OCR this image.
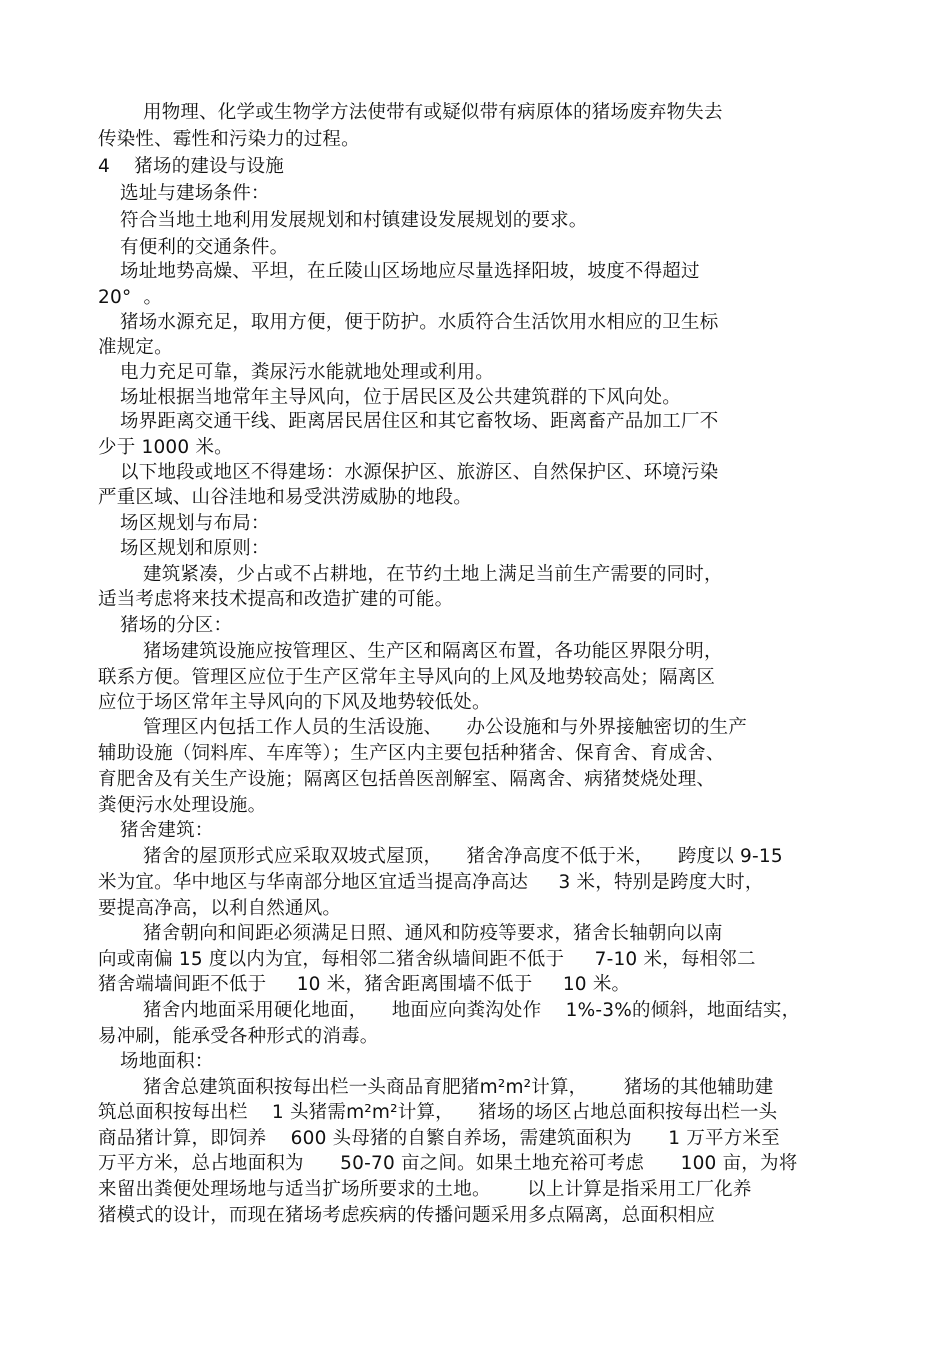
用物理、化学或生物学方法使带有或疑似带有病原体的猪场废弃物失去
传染性、霉性和污染力的过程。
4    猪场的建设与设施
选址与建场条件：
符合当地土地利用发展规划和村镇建设发展规划的要求。
有便利的交通条件。
场址地势高燥、平坦，在丘陵山区场地应尽量选择阳坡，坡度不得超过
20°  。
猪场水源充足，取用方便，便于防护。水质符合生活饮用水相应的卫生标
准规定。
电力充足可靠，粪尿污水能就地处理或利用。
场址根据当地常年主导风向，位于居民区及公共建筑群的下风向处。
场界距离交通干线、距离居民居住区和其它畜牧场、距离畜产品加工厂不
少于 1000 米。
以下地段或地区不得建场：水源保护区、旅游区、自然保护区、环境污染
严重区域、山谷洼地和易受洪涝威胁的地段。
场区规划与布局：
场区规划和原则：
建筑紧凑，少占或不占耕地，在节约土地上满足当前生产需要的同时，
适当考虑将来技术提高和改造扩建的可能。
猪场的分区：
猪场建筑设施应按管理区、生产区和隔离区布置，各功能区界限分明，
联系方便。管理区应位于生产区常年主导风向的上风及地势较高处；隔离区
应位于场区常年主导风向的下风及地势较低处。
管理区内包括工作人员的生活设施、    办公设施和与外界接触密切的生产
辅助设施（饲料库、车库等）；生产区内主要包括种猪舍、保育舍、育成舍、
育肥舍及有关生产设施；隔离区包括兽医剖解室、隔离舍、病猪焚烧处理、
粪便污水处理设施。
猪舍建筑：
猪舍的屋顶形式应采取双坡式屋顶，    猪舍净高度不低于米，    跨度以 9-15
米为宜。华中地区与华南部分地区宜适当提高净高达     3 米，特别是跨度大时，
要提高净高，以利自然通风。
猪舍朝向和间距必须满足日照、通风和防疫等要求，猪舍长轴朝向以南
向或南偏 15 度以内为宜，每相邻二猪舍纵墙间距不低于     7-10 米，每相邻二
猪舍端墙间距不低于     10 米，猪舍距离围墙不低于     10 米。
猪舍内地面采用硬化地面，    地面应向粪沟处作    1%-3%的倾斜，地面结实，
易冲刷，能承受各种形式的消毒。
场地面积：
猪舍总建筑面积按每出栏一头商品育肥猪m²m²计算，      猪场的其他辅助建
筑总面积按每出栏    1 头猪需m²m²计算，    猪场的场区占地总面积按每出栏一头
商品猪计算，即饲养    600 头母猪的自繁自养场，需建筑面积为      1 万平方米至
万平方米，总占地面积为      50-70 亩之间。如果土地充裕可考虑      100 亩，为将
来留出粪便处理场地与适当扩场所要求的土地。      以上计算是指采用工厂化养
猪模式的设计，而现在猪场考虑疾病的传播问题采用多点隔离，总面积相应
